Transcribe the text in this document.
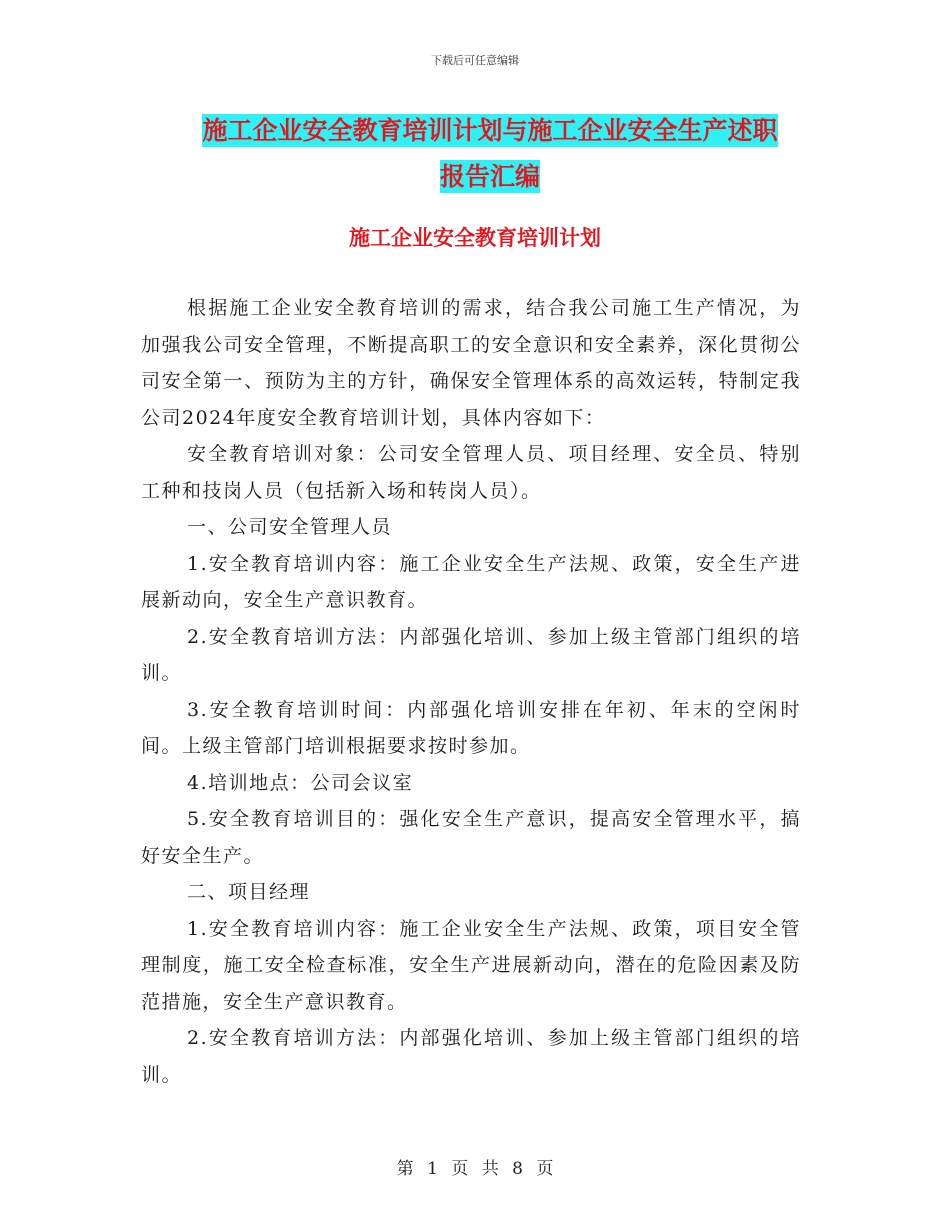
下载后可任意编辑
施工企业安全教育培训计划与施工企业安全生产述职
报告汇编
施工企业安全教育培训计划

根据施工企业安全教育培训的需求，结合我公司施工生产情况，为加强我公司安全管理，不断提高职工的安全意识和安全素养，深化贯彻公司安全第一、预防为主的方针，确保安全管理体系的高效运转，特制定我公司2024年度安全教育培训计划，具体内容如下：

安全教育培训对象：公司安全管理人员、项目经理、安全员、特别工种和技岗人员（包括新入场和转岗人员）。

一、公司安全管理人员

1.安全教育培训内容：施工企业安全生产法规、政策，安全生产进展新动向，安全生产意识教育。

2.安全教育培训方法：内部强化培训、参加上级主管部门组织的培训。

3.安全教育培训时间：内部强化培训安排在年初、年末的空闲时间。上级主管部门培训根据要求按时参加。

4.培训地点：公司会议室

5.安全教育培训目的：强化安全生产意识，提高安全管理水平，搞好安全生产。

二、项目经理

1.安全教育培训内容：施工企业安全生产法规、政策，项目安全管理制度，施工安全检查标准，安全生产进展新动向，潜在的危险因素及防范措施，安全生产意识教育。

2.安全教育培训方法：内部强化培训、参加上级主管部门组织的培训。

第 1 页 共 8 页
